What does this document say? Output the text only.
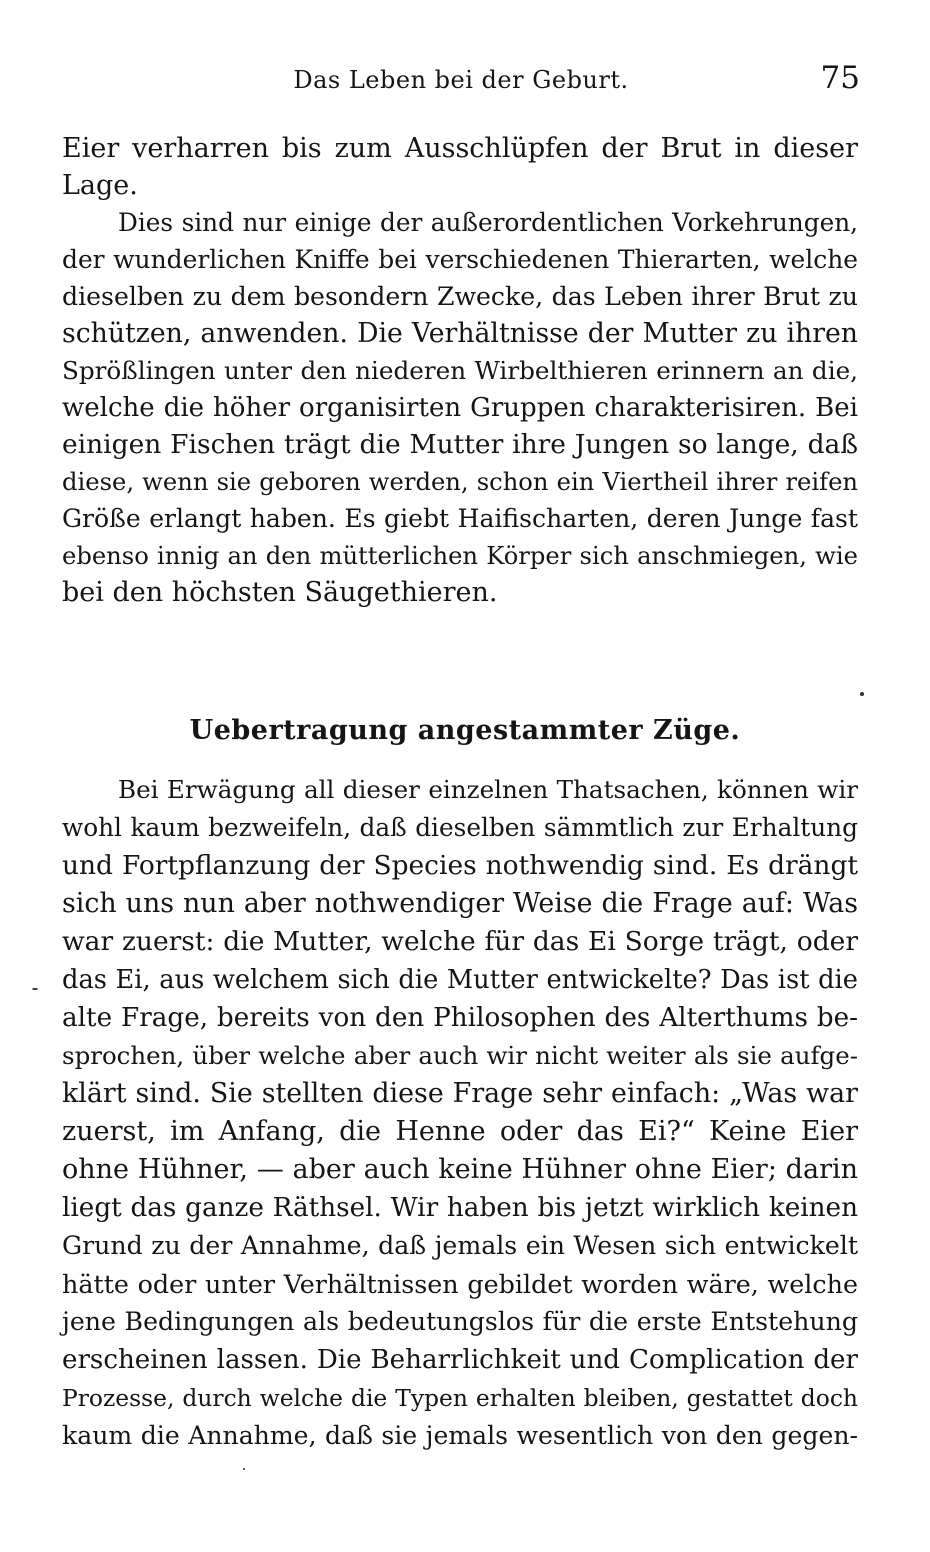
Das Leben bei der Geburt.	75
Eier verharren bis zum Ausschlüpfen der Brut in dieser
Lage.
Dies sind nur einige der außerordentlichen Vorkehrungen,
der wunderlichen Kniffe bei verschiedenen Thierarten, welche
dieselben zu dem besondern Zwecke, das Leben ihrer Brut zu
schützen, anwenden. Die Verhältnisse der Mutter zu ihren
Sprößlingen unter den niederen Wirbelthieren erinnern an die,
welche die höher organisirten Gruppen charakterisiren. Bei
einigen Fischen trägt die Mutter ihre Jungen so lange, daß
diese, wenn sie geboren werden, schon ein Viertheil ihrer reifen
Größe erlangt haben. Es giebt Haifischarten, deren Junge fast
ebenso innig an den mütterlichen Körper sich anschmiegen, wie
bei den höchsten Säugethieren.
Uebertragung angestammter Züge.
Bei Erwägung all dieser einzelnen Thatsachen, können wir
wohl kaum bezweifeln, daß dieselben sämmtlich zur Erhaltung
und Fortpflanzung der Species nothwendig sind. Es drängt
sich uns nun aber nothwendiger Weise die Frage auf: Was
war zuerst: die Mutter, welche für das Ei Sorge trägt, oder
das Ei, aus welchem sich die Mutter entwickelte? Das ist die
alte Frage, bereits von den Philosophen des Alterthums be-
sprochen, über welche aber auch wir nicht weiter als sie aufge-
klärt sind. Sie stellten diese Frage sehr einfach: „Was war
zuerst, im Anfang, die Henne oder das Ei?“ Keine Eier
ohne Hühner, — aber auch keine Hühner ohne Eier; darin
liegt das ganze Räthsel. Wir haben bis jetzt wirklich keinen
Grund zu der Annahme, daß jemals ein Wesen sich entwickelt
hätte oder unter Verhältnissen gebildet worden wäre, welche
jene Bedingungen als bedeutungslos für die erste Entstehung
erscheinen lassen. Die Beharrlichkeit und Complication der
Prozesse, durch welche die Typen erhalten bleiben, gestattet doch
kaum die Annahme, daß sie jemals wesentlich von den gegen-
